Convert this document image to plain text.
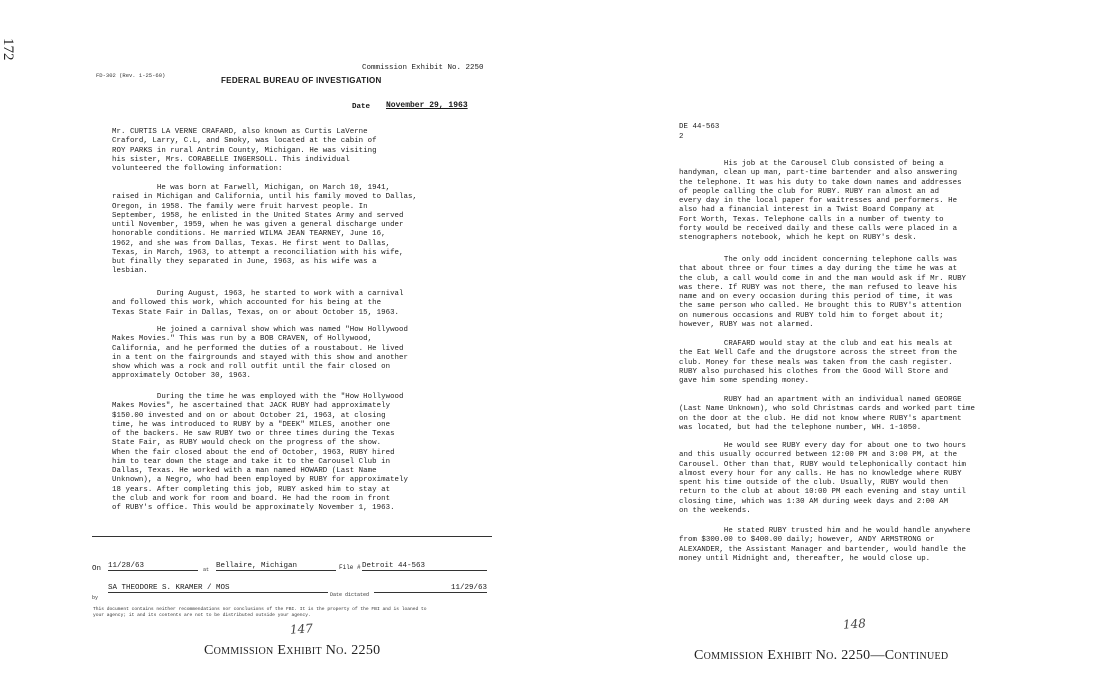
172
FD-302 (Rev. 1-25-60)
FEDERAL BUREAU OF INVESTIGATION
Commission Exhibit No. 2250
Date November 29, 1963
Mr. CURTIS LA VERNE CRAFARD, also known as Curtis LaVerne
Craford, Larry, C.L, and Smoky, was located at the cabin of
ROY PARKS in rural Antrim County, Michigan. He was visiting
his sister, Mrs. CORABELLE INGERSOLL. This individual
volunteered the following information:
He was born at Farwell, Michigan, on March 10, 1941,
raised in Michigan and California, until his family moved to Dallas,
Oregon, in 1958. The family were fruit harvest people. In
September, 1958, he enlisted in the United States Army and served
until November, 1959, when he was given a general discharge under
honorable conditions. He married WILMA JEAN TEARNEY, June 16,
1962, and she was from Dallas, Texas. He first went to Dallas,
Texas, in March, 1963, to attempt a reconciliation with his wife,
but finally they separated in June, 1963, as his wife was a
lesbian.
During August, 1963, he started to work with a carnival
and followed this work, which accounted for his being at the
Texas State Fair in Dallas, Texas, on or about October 15, 1963.
He joined a carnival show which was named "How Hollywood
Makes Movies." This was run by a BOB CRAVEN, of Hollywood,
California, and he performed the duties of a roustabout. He lived
in a tent on the fairgrounds and stayed with this show and another
show which was a rock and roll outfit until the fair closed on
approximately October 30, 1963.
During the time he was employed with the "How Hollywood
Makes Movies", he ascertained that JACK RUBY had approximately
$150.00 invested and on or about October 21, 1963, at closing
time, he was introduced to RUBY by a "DEEK" MILES, another one
of the backers. He saw RUBY two or three times during the Texas
State Fair, as RUBY would check on the progress of the show.
When the fair closed about the end of October, 1963, RUBY hired
him to tear down the stage and take it to the Carousel Club in
Dallas, Texas. He worked with a man named HOWARD (Last Name
Unknown), a Negro, who had been employed by RUBY for approximately
18 years. After completing this job, RUBY asked him to stay at
the club and work for room and board. He had the room in front
of RUBY's office. This would be approximately November 1, 1963.
On 11/28/63	at Bellaire, Michigan	File # Detroit 44-563
by
SA THEODORE S. KRAMER / MOS
Date dictated
11/29/63
This document contains neither recommendations nor conclusions of the FBI. It is the property of the FBI and is loaned to
your agency; it and its contents are not to be distributed outside your agency.
147
Commission Exhibit No. 2250
DE 44-563
2
His job at the Carousel Club consisted of being a
handyman, clean up man, part-time bartender and also answering
the telephone. It was his duty to take down names and addresses
of people calling the club for RUBY. RUBY ran almost an ad
every day in the local paper for waitresses and performers. He
also had a financial interest in a Twist Board Company at
Fort Worth, Texas. Telephone calls in a number of twenty to
forty would be received daily and these calls were placed in a
stenographers notebook, which he kept on RUBY's desk.
The only odd incident concerning telephone calls was
that about three or four times a day during the time he was at
the club, a call would come in and the man would ask if Mr. RUBY
was there. If RUBY was not there, the man refused to leave his
name and on every occasion during this period of time, it was
the same person who called. He brought this to RUBY's attention
on numerous occasions and RUBY told him to forget about it;
however, RUBY was not alarmed.
CRAFARD would stay at the club and eat his meals at
the Eat Well Cafe and the drugstore across the street from the
club. Money for these meals was taken from the cash register.
RUBY also purchased his clothes from the Good Will Store and
gave him some spending money.
RUBY had an apartment with an individual named GEORGE
(Last Name Unknown), who sold Christmas cards and worked part time
on the door at the club. He did not know where RUBY's apartment
was located, but had the telephone number, WH. 1-1050.
He would see RUBY every day for about one to two hours
and this usually occurred between 12:00 PM and 3:00 PM, at the
Carousel. Other than that, RUBY would telephonically contact him
almost every hour for any calls. He has no knowledge where RUBY
spent his time outside of the club. Usually, RUBY would then
return to the club at about 10:00 PM each evening and stay until
closing time, which was 1:30 AM during week days and 2:00 AM
on the weekends.
He stated RUBY trusted him and he would handle anywhere
from $300.00 to $400.00 daily; however, ANDY ARMSTRONG or
ALEXANDER, the Assistant Manager and bartender, would handle the
money until Midnight and, thereafter, he would close up.
148
Commission Exhibit No. 2250—Continued
